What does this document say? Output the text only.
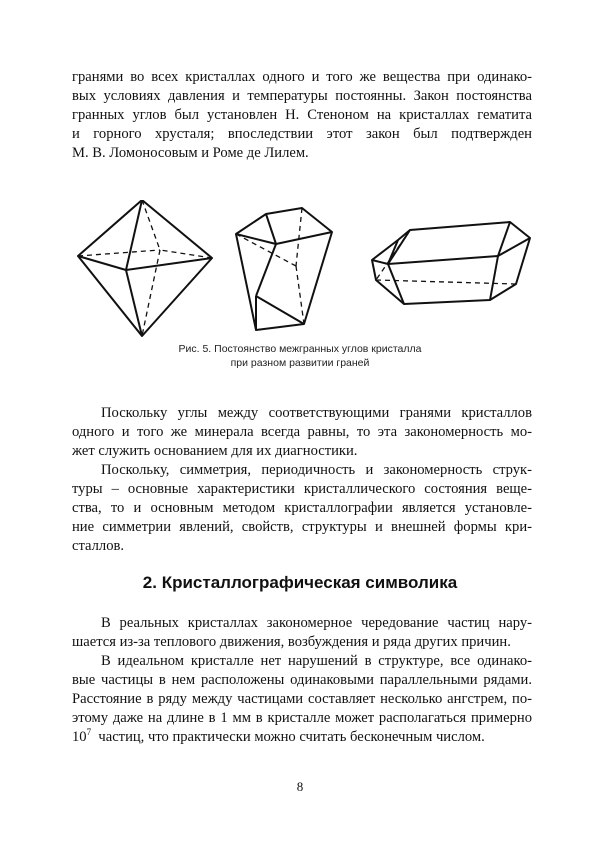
гранями во всех кристаллах одного и того же вещества при одинако-
вых условиях давления и температуры постоянны. Закон постоянства
гранных углов был установлен Н. Стеноном на кристаллах гематита
и горного хрусталя; впоследствии этот закон был подтвержден
М. В. Ломоносовым и Роме де Лилем.

Рис. 5. Постоянство межгранных углов кристалла
при разном развитии граней

Поскольку углы между соответствующими гранями кристаллов
одного и того же минерала всегда равны, то эта закономерность мо-
жет служить основанием для их диагностики.

Поскольку, симметрия, периодичность и закономерность струк-
туры – основные характеристики кристаллического состояния веще-
ства, то и основным методом кристаллографии является установле-
ние симметрии явлений, свойств, структуры и внешней формы кри-
сталлов.

2. Кристаллографическая символика

В реальных кристаллах закономерное чередование частиц нару-
шается из-за теплового движения, возбуждения и ряда других причин.

В идеальном кристалле нет нарушений в структуре, все одинако-
вые частицы в нем расположены одинаковыми параллельными рядами.
Расстояние в ряду между частицами составляет несколько ангстрем, по-
этому даже на длине в 1 мм в кристалле может располагаться примерно
$10^7$  частиц, что практически можно считать бесконечным числом.

8
